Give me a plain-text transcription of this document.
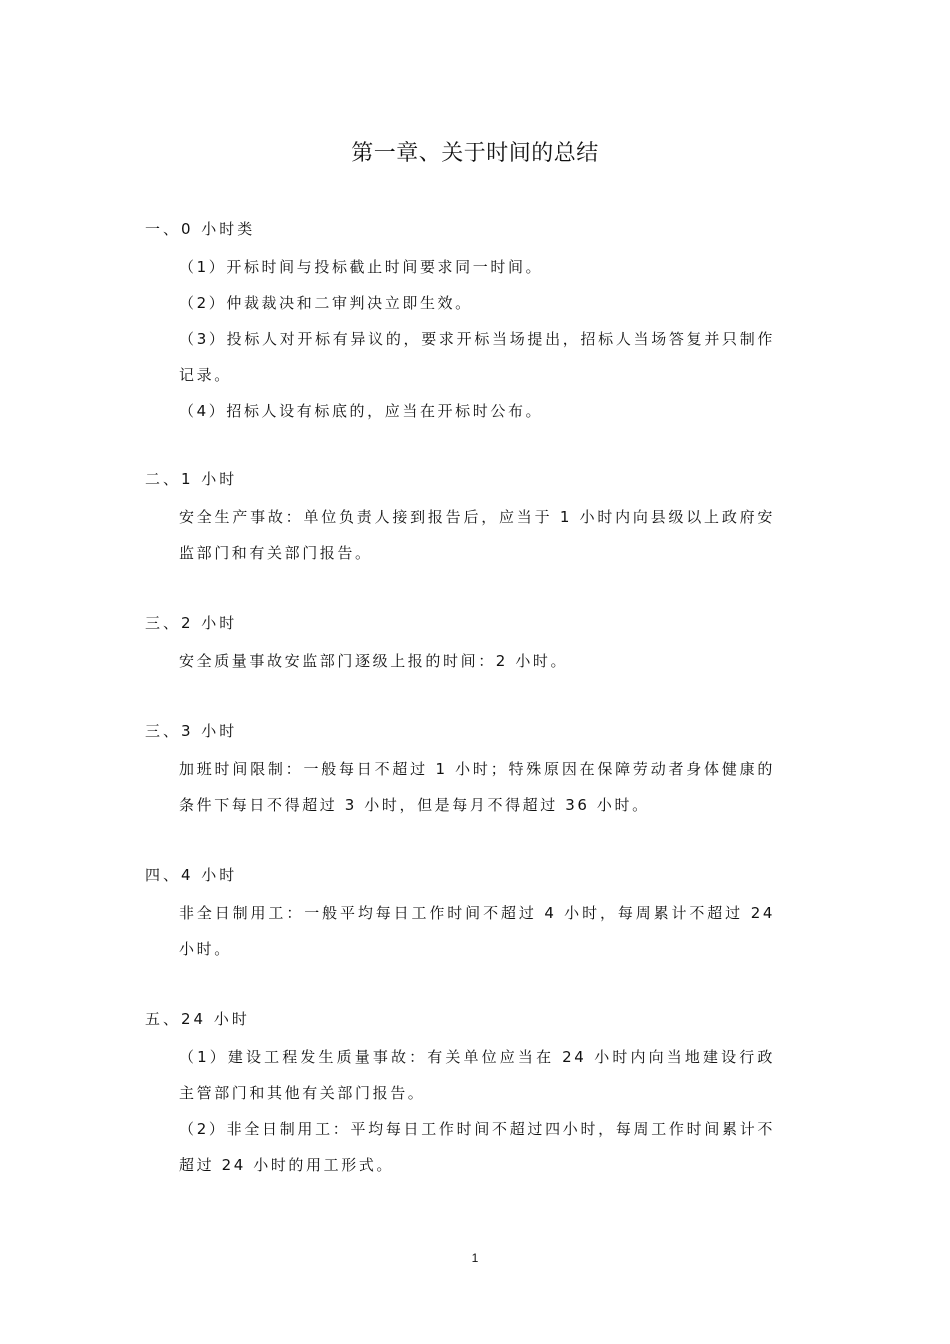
第一章、关于时间的总结
一、0 小时类
（1）开标时间与投标截止时间要求同一时间。
（2）仲裁裁决和二审判决立即生效。
（3）投标人对开标有异议的，要求开标当场提出，招标人当场答复并只制作记录。
（4）招标人设有标底的，应当在开标时公布。
二、1 小时
安全生产事故：单位负责人接到报告后，应当于 1 小时内向县级以上政府安监部门和有关部门报告。
三、2 小时
安全质量事故安监部门逐级上报的时间：2 小时。
三、3 小时
加班时间限制：一般每日不超过 1 小时；特殊原因在保障劳动者身体健康的条件下每日不得超过 3 小时，但是每月不得超过 36 小时。
四、4 小时
非全日制用工：一般平均每日工作时间不超过 4 小时，每周累计不超过 24 小时。
五、24 小时
（1）建设工程发生质量事故：有关单位应当在 24 小时内向当地建设行政主管部门和其他有关部门报告。
（2）非全日制用工：平均每日工作时间不超过四小时，每周工作时间累计不超过 24 小时的用工形式。
1
